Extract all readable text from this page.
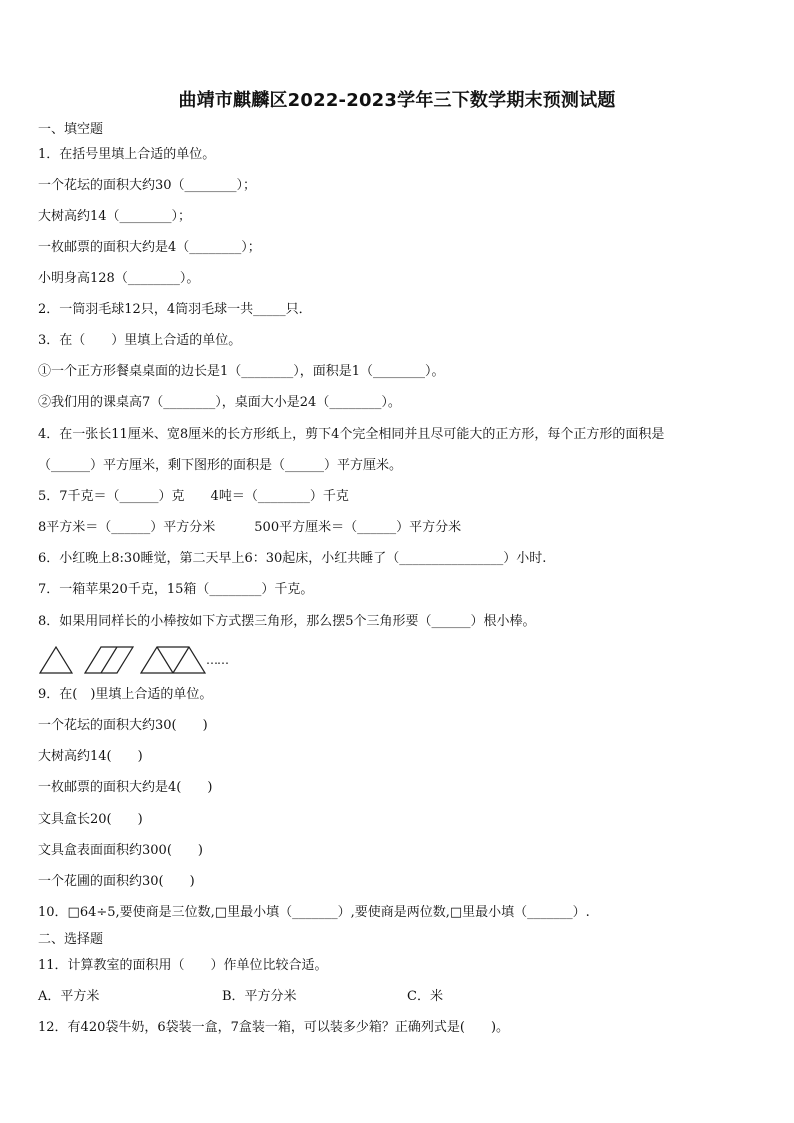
曲靖市麒麟区2022-2023学年三下数学期末预测试题
一、填空题
1．在括号里填上合适的单位。
一个花坛的面积大约30（________）；
大树高约14（________）；
一枚邮票的面积大约是4（________）；
小明身高128（________）。
2．一筒羽毛球12只，4筒羽毛球一共_____只．
3．在（　　）里填上合适的单位。
①一个正方形餐桌桌面的边长是1（________），面积是1（________）。
②我们用的课桌高7（________），桌面大小是24（________）。
4．在一张长11厘米、宽8厘米的长方形纸上，剪下4个完全相同并且尽可能大的正方形，每个正方形的面积是
（______）平方厘米，剩下图形的面积是（______）平方厘米。
5．7千克＝（______）克　　4吨＝（________）千克
8平方米＝（______）平方分米　　　500平方厘米＝（______）平方分米
6．小红晚上8:30睡觉，第二天早上6：30起床，小红共睡了（________________）小时.
7．一箱苹果20千克，15箱（________）千克。
8．如果用同样长的小棒按如下方式摆三角形，那么摆5个三角形要（______）根小棒。
……
9．在(　)里填上合适的单位。
一个花坛的面积大约30(　　)
大树高约14(　　)
一枚邮票的面积大约是4(　　)
文具盒长20(　　)
文具盒表面面积约300(　　)
一个花圃的面积约30(　　)
10．□64÷5,要使商是三位数,□里最小填（_______）,要使商是两位数,□里最小填（_______）.
二、选择题
11．计算教室的面积用（　　）作单位比较合适。
A．平方米	B．平方分米	C．米
12．有420袋牛奶，6袋装一盒，7盒装一箱，可以装多少箱？正确列式是(　　)。
